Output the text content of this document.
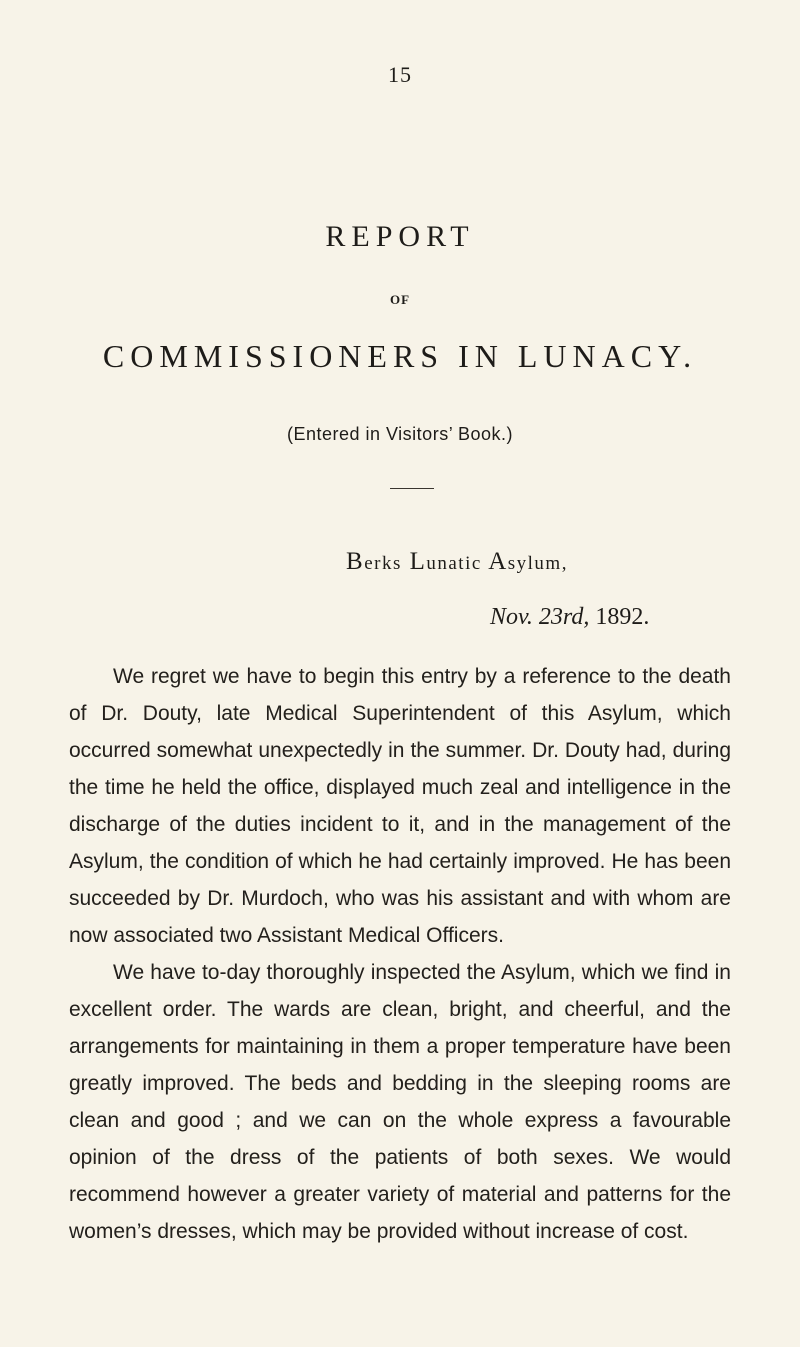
15
REPORT
OF
COMMISSIONERS IN LUNACY.
(Entered in Visitors’ Book.)
Berks Lunatic Asylum,
Nov. 23rd, 1892.

We regret we have to begin this entry by a reference to the death of Dr. Douty, late Medical Superintendent of this Asylum, which occurred somewhat unexpectedly in the summer. Dr. Douty had, during the time he held the office, displayed much zeal and intelligence in the discharge of the duties incident to it, and in the management of the Asylum, the condition of which he had certainly improved. He has been succeeded by Dr. Murdoch, who was his assistant and with whom are now associated two Assistant Medical Officers.

We have to-day thoroughly inspected the Asylum, which we find in excellent order. The wards are clean, bright, and cheerful, and the arrangements for maintaining in them a proper temperature have been greatly improved. The beds and bedding in the sleeping rooms are clean and good ; and we can on the whole express a favourable opinion of the dress of the patients of both sexes. We would recommend however a greater variety of material and patterns for the women’s dresses, which may be provided without increase of cost.
